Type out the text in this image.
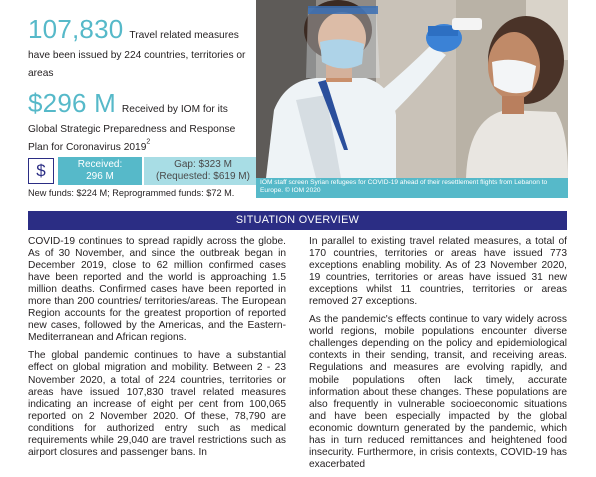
107,830 Travel related measures have been issued by 224 countries, territories or areas
$296 M Received by IOM for its Global Strategic Preparedness and Response Plan for Coronavirus 2019$^2$
$	Received:
296 M
Gap: $323 M
(Requested: $619 M)
New funds: $224 M; Reprogrammed funds: $72 M.
IOM staff screen Syrian refugees for COVID-19 ahead of their resettlement flights from Lebanon to Europe. © IOM 2020
SITUATION OVERVIEW

COVID-19 continues to spread rapidly across the globe. As of 30 November, and since the outbreak began in December 2019, close to 62 million confirmed cases have been reported and the world is approaching 1.5 million deaths. Confirmed cases have been reported in more than 200 countries/ territories/areas. The European Region accounts for the greatest proportion of reported new cases, followed by the Americas, and the Eastern-Mediterranean and African regions.

The global pandemic continues to have a substantial effect on global migration and mobility. Between 2 - 23 November 2020, a total of 224 countries, territories or areas have issued 107,830 travel related measures indicating an increase of eight per cent from 100,065 reported on 2 November 2020. Of these, 78,790 are conditions for authorized entry such as medical requirements while 29,040 are travel restrictions such as airport closures and passenger bans. In

In parallel to existing travel related measures, a total of 170 countries, territories or areas have issued 773 exceptions enabling mobility. As of 23 November 2020, 19 countries, territories or areas have issued 31 new exceptions whilst 11 countries, territories or areas removed 27 exceptions.

As the pandemic's effects continue to vary widely across world regions, mobile populations encounter diverse challenges depending on the policy and epidemiological contexts in their sending, transit, and receiving areas. Regulations and measures are evolving rapidly, and mobile populations often lack timely, accurate information about these changes. These populations are also frequently in vulnerable socioeconomic situations and have been especially impacted by the global economic downturn generated by the pandemic, which has in turn reduced remittances and heightened food insecurity. Furthermore, in crisis contexts, COVID-19 has exacerbated
